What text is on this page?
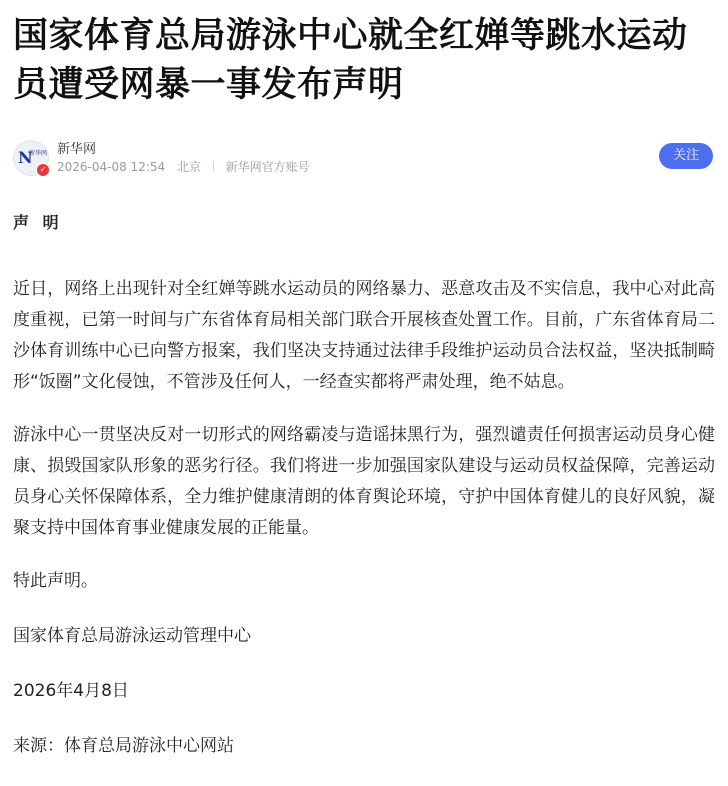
国家体育总局游泳中心就全红婵等跳水运动员遭受网暴一事发布声明
N
新华网
✓
新华网
2026-04-08 12:54 北京 新华网官方账号
关注

声 明

近日，网络上出现针对全红婵等跳水运动员的网络暴力、恶意攻击及不实信息，我中心对此高度重视，已第一时间与广东省体育局相关部门联合开展核查处置工作。目前，广东省体育局二沙体育训练中心已向警方报案，我们坚决支持通过法律手段维护运动员合法权益，坚决抵制畸形“饭圈”文化侵蚀，不管涉及任何人，一经查实都将严肃处理，绝不姑息。

游泳中心一贯坚决反对一切形式的网络霸凌与造谣抹黑行为，强烈谴责任何损害运动员身心健康、损毁国家队形象的恶劣行径。我们将进一步加强国家队建设与运动员权益保障，完善运动员身心关怀保障体系，全力维护健康清朗的体育舆论环境，守护中国体育健儿的良好风貌，凝聚支持中国体育事业健康发展的正能量。

特此声明。

国家体育总局游泳运动管理中心

2026年4月8日

来源：体育总局游泳中心网站
